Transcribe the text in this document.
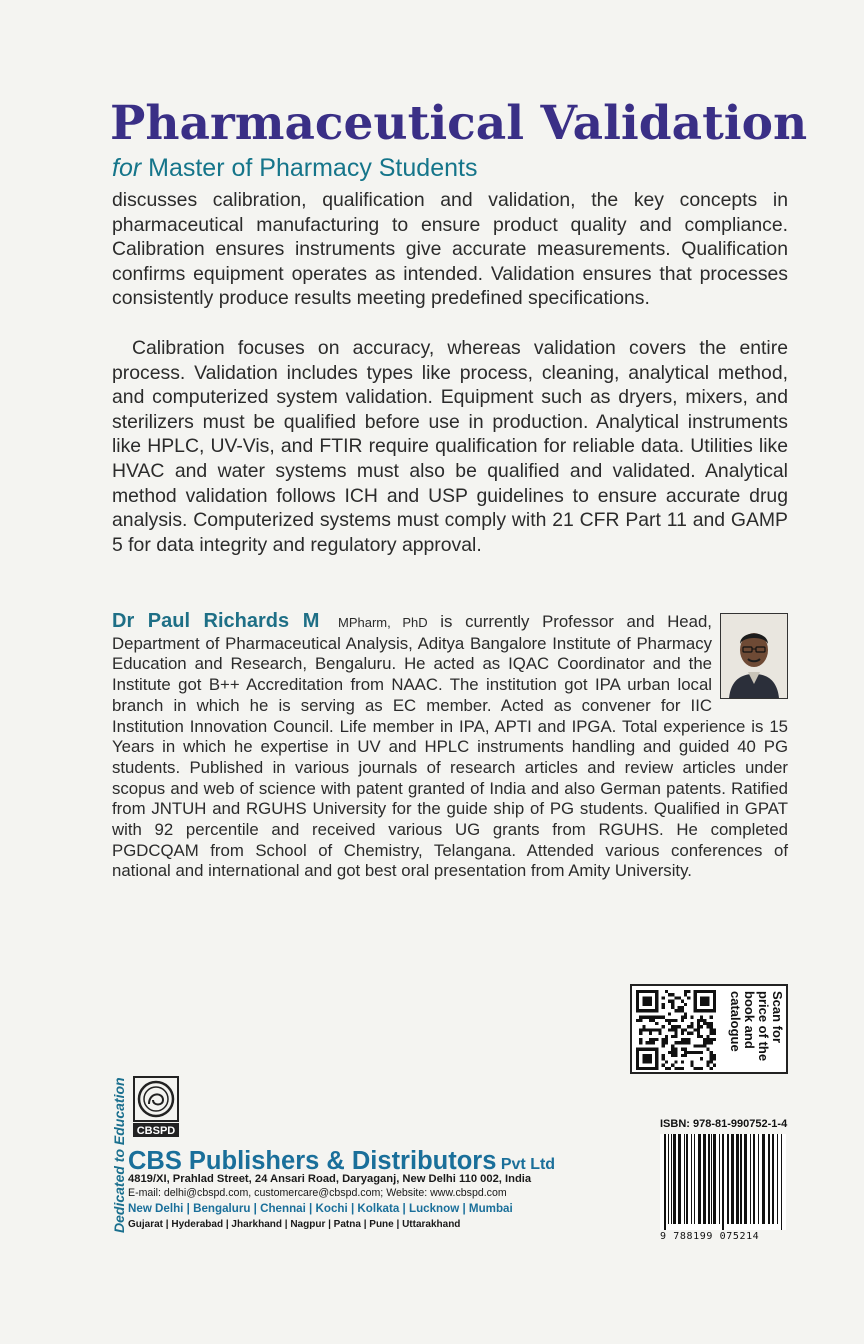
Pharmaceutical Validation
for Master of Pharmacy Students

discusses calibration, qualification and validation, the key concepts in pharmaceutical manufacturing to ensure product quality and compliance. Calibration ensures instruments give accurate measurements. Qualification confirms equipment operates as intended. Validation ensures that processes consistently produce results meeting predefined specifications.

Calibration focuses on accuracy, whereas validation covers the entire process. Validation includes types like process, cleaning, analytical method, and computerized system validation. Equipment such as dryers, mixers, and sterilizers must be qualified before use in production. Analytical instruments like HPLC, UV-Vis, and FTIR require qualification for reliable data. Utilities like HVAC and water systems must also be qualified and validated. Analytical method validation follows ICH and USP guidelines to ensure accurate drug analysis. Computerized systems must comply with 21 CFR Part 11 and GAMP 5 for data integrity and regulatory approval.

Dr Paul Richards M MPharm, PhD is currently Professor and Head, Department of Pharmaceutical Analysis, Aditya Bangalore Institute of Pharmacy Education and Research, Bengaluru. He acted as IQAC Coordinator and the Institute got B++ Accreditation from NAAC. The institution got IPA urban local branch in which he is serving as EC member. Acted as convener for IIC Institution Innovation Council. Life member in IPA, APTI and IPGA. Total experience is 15 Years in which he expertise in UV and HPLC instruments handling and guided 40 PG students. Published in various journals of research articles and review articles under scopus and web of science with patent granted of India and also German patents. Ratified from JNTUH and RGUHS University for the guide ship of PG students. Qualified in GPAT with 92 percentile and received various UG grants from RGUHS. He completed PGDCQAM from School of Chemistry, Telangana. Attended various conferences of national and international and got best oral presentation from Amity University.

Scan for price of the book and catalogue
ISBN: 978-81-990752-1-4
9 788199 075214
Dedicated to Education CBSPD
CBS Publishers & Distributors Pvt Ltd
4819/XI, Prahlad Street, 24 Ansari Road, Daryaganj, New Delhi 110 002, India
E-mail: delhi@cbspd.com, customercare@cbspd.com; Website: www.cbspd.com
New Delhi | Bengaluru | Chennai | Kochi | Kolkata | Lucknow | Mumbai
Gujarat | Hyderabad | Jharkhand | Nagpur | Patna | Pune | Uttarakhand
